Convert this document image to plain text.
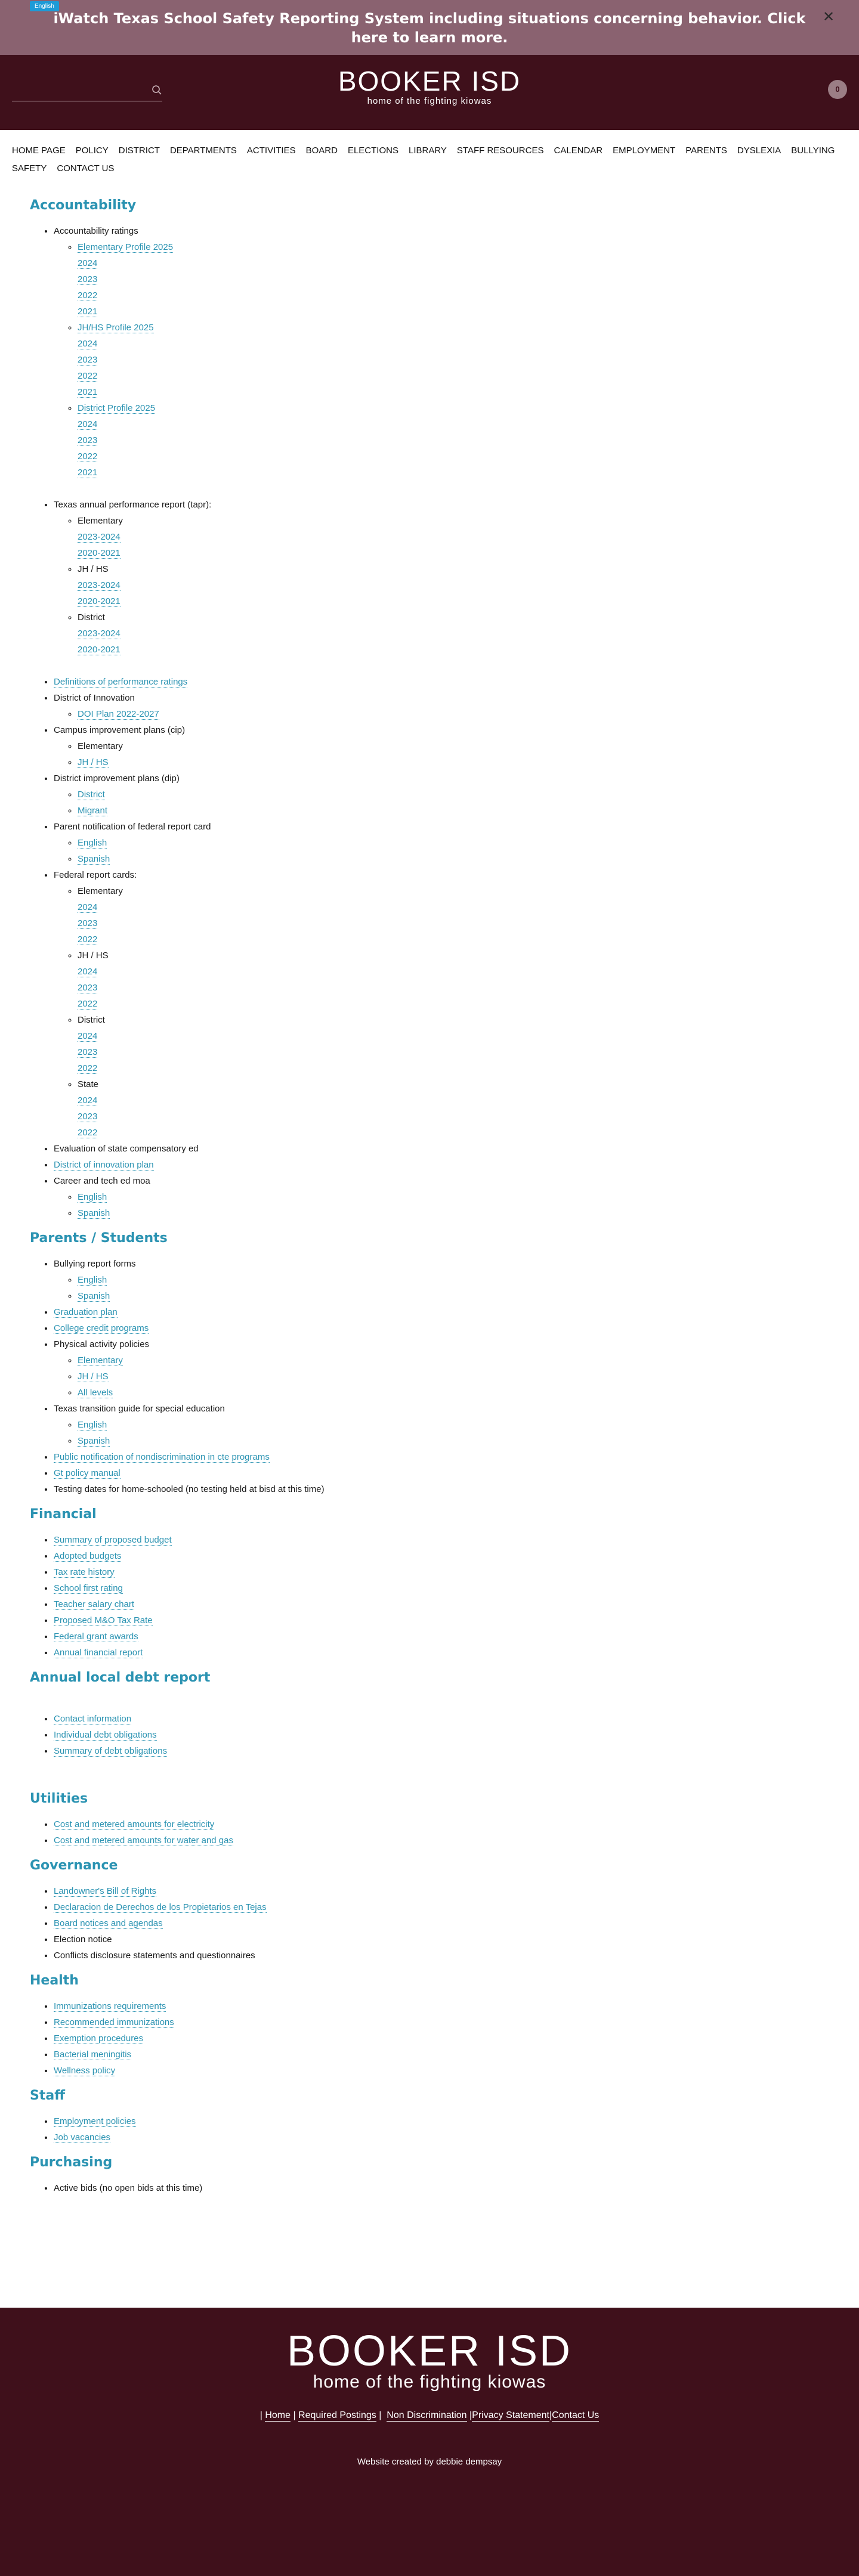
English
iWatch Texas School Safety Reporting System including situations concerning behavior. Click here to learn more.
✕
BOOKER ISD
home of the fighting kiowas
0
HOME PAGE POLICY DISTRICT DEPARTMENTS ACTIVITIES BOARD ELECTIONS LIBRARY STAFF RESOURCES CALENDAR EMPLOYMENT PARENTS DYSLEXIA BULLYING
SAFETY CONTACT US
Accountability
• Accountability ratings
◦ Elementary Profile 2025
2024
2023
2022
2021
◦ JH/HS Profile 2025
2024
2023
2022
2021
◦ District Profile 2025
2024
2023
2022
2021
• Texas annual performance report (tapr):
◦ Elementary
2023-2024
2020-2021
◦ JH / HS
2023-2024
2020-2021
◦ District
2023-2024
2020-2021
• Definitions of performance ratings
• District of Innovation
◦ DOI Plan 2022-2027
• Campus improvement plans (cip)
◦ Elementary
◦ JH / HS
• District improvement plans (dip)
◦ District
◦ Migrant
• Parent notification of federal report card
◦ English
◦ Spanish
• Federal report cards:
◦ Elementary
2024
2023
2022
◦ JH / HS
2024
2023
2022
◦ District
2024
2023
2022
◦ State
2024
2023
2022
• Evaluation of state compensatory ed
• District of innovation plan
• Career and tech ed moa
◦ English
◦ Spanish
Parents / Students
• Bullying report forms
◦ English
◦ Spanish
• Graduation plan
• College credit programs
• Physical activity policies
◦ Elementary
◦ JH / HS
◦ All levels
• Texas transition guide for special education
◦ English
◦ Spanish
• Public notification of nondiscrimination in cte programs
• Gt policy manual
• Testing dates for home-schooled (no testing held at bisd at this time)
Financial
• Summary of proposed budget
• Adopted budgets
• Tax rate history
• School first rating
• Teacher salary chart
• Proposed M&O Tax Rate
• Federal grant awards
• Annual financial report
Annual local debt report
• Contact information
• Individual debt obligations
• Summary of debt obligations
Utilities
• Cost and metered amounts for electricity
• Cost and metered amounts for water and gas
Governance
• Landowner's Bill of Rights
• Declaracion de Derechos de los Propietarios en Tejas
• Board notices and agendas
• Election notice
• Conflicts disclosure statements and questionnaires
Health
• Immunizations requirements
• Recommended immunizations
• Exemption procedures
• Bacterial meningitis
• Wellness policy
Staff
• Employment policies
• Job vacancies
Purchasing
• Active bids (no open bids at this time)
BOOKER ISD
home of the fighting kiowas
| Home | Required Postings |  Non Discrimination |Privacy Statement|Contact Us
Website created by debbie dempsay
